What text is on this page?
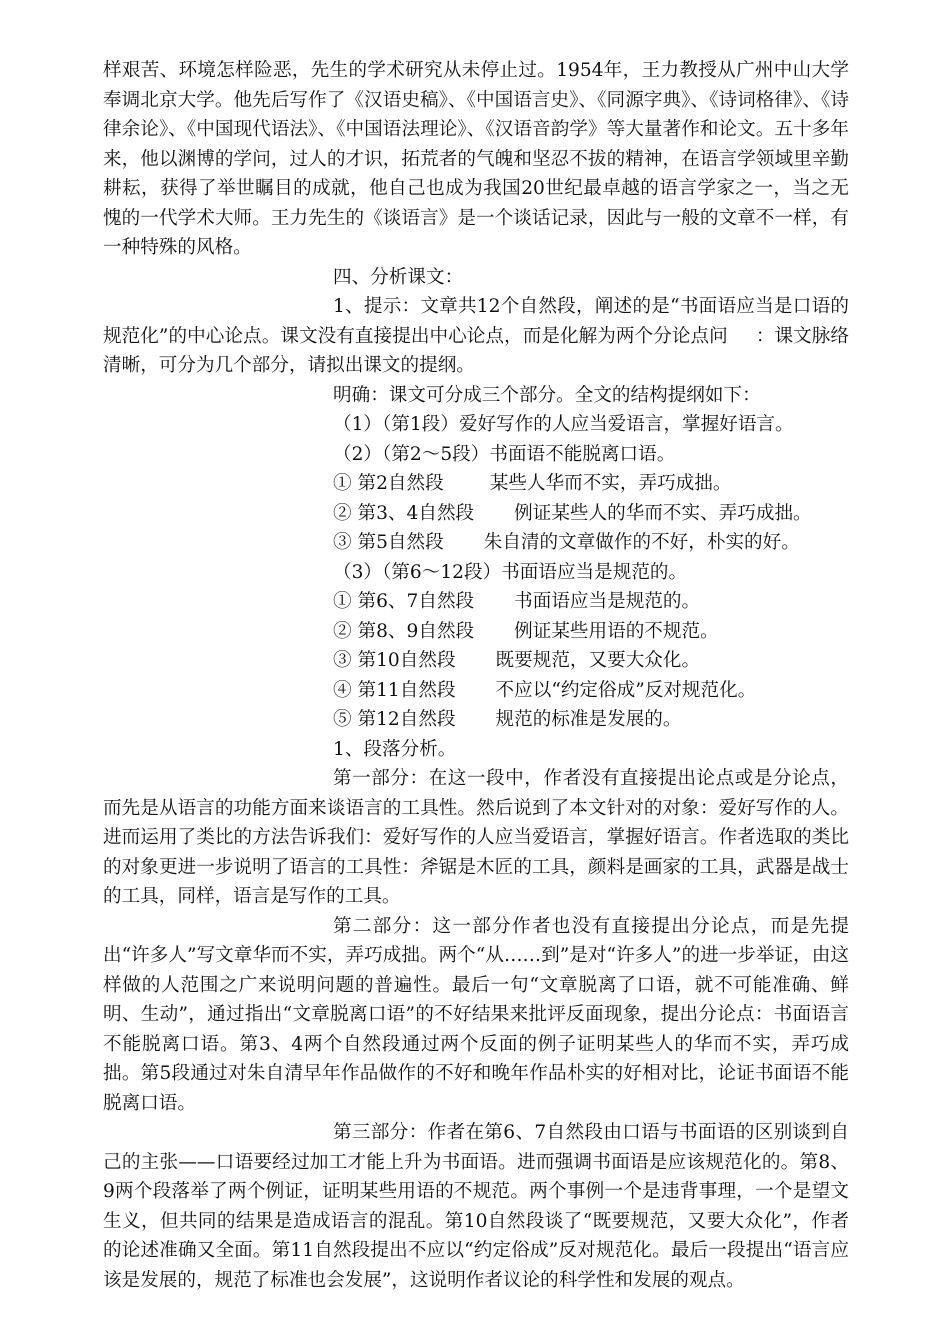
样艰苦、环境怎样险恶，先生的学术研究从未停止过。1954年，王力教授从广州中山大学奉调北京大学。他先后写作了《汉语史稿》、《中国语言史》、《同源字典》、《诗词格律》、《诗律余论》、《中国现代语法》、《中国语法理论》、《汉语音韵学》等大量著作和论文。五十多年来，他以渊博的学问，过人的才识，拓荒者的气魄和坚忍不拔的精神，在语言学领域里辛勤耕耘，获得了举世瞩目的成就，他自己也成为我国20世纪最卓越的语言学家之一，当之无愧的一代学术大师。王力先生的《谈语言》是一个谈话记录，因此与一般的文章不一样，有一种特殊的风格。

四、分析课文：

1、提示：文章共12个自然段，阐述的是“书面语应当是口语的规范化”的中心论点。课文没有直接提出中心论点，而是化解为两个分论点问 ：课文脉络清晰，可分为几个部分，请拟出课文的提纲。

明确：课文可分成三个部分。全文的结构提纲如下：

（1）（第1段）爱好写作的人应当爱语言，掌握好语言。

（2）（第2～5段）书面语不能脱离口语。

① 第2自然段 某些人华而不实，弄巧成拙。

② 第3、4自然段 例证某些人的华而不实、弄巧成拙。

③ 第5自然段 朱自清的文章做作的不好，朴实的好。

（3）（第6～12段）书面语应当是规范的。

① 第6、7自然段 书面语应当是规范的。

② 第8、9自然段 例证某些用语的不规范。

③ 第10自然段 既要规范，又要大众化。

④ 第11自然段 不应以“约定俗成”反对规范化。

⑤ 第12自然段 规范的标准是发展的。

1、段落分析。

第一部分：在这一段中，作者没有直接提出论点或是分论点，而先是从语言的功能方面来谈语言的工具性。然后说到了本文针对的对象：爱好写作的人。进而运用了类比的方法告诉我们：爱好写作的人应当爱语言，掌握好语言。作者选取的类比的对象更进一步说明了语言的工具性：斧锯是木匠的工具，颜料是画家的工具，武器是战士的工具，同样，语言是写作的工具。

第二部分：这一部分作者也没有直接提出分论点，而是先提出“许多人”写文章华而不实，弄巧成拙。两个“从……到”是对“许多人”的进一步举证，由这样做的人范围之广来说明问题的普遍性。最后一句“文章脱离了口语，就不可能准确、鲜明、生动”，通过指出“文章脱离口语”的不好结果来批评反面现象，提出分论点：书面语言不能脱离口语。第3、4两个自然段通过两个反面的例子证明某些人的华而不实，弄巧成拙。第5段通过对朱自清早年作品做作的不好和晚年作品朴实的好相对比，论证书面语不能脱离口语。

第三部分：作者在第6、7自然段由口语与书面语的区别谈到自己的主张——口语要经过加工才能上升为书面语。进而强调书面语是应该规范化的。第8、9两个段落举了两个例证，证明某些用语的不规范。两个事例一个是违背事理，一个是望文生义，但共同的结果是造成语言的混乱。第10自然段谈了“既要规范，又要大众化”，作者的论述准确又全面。第11自然段提出不应以“约定俗成”反对规范化。最后一段提出“语言应该是发展的，规范了标准也会发展”，这说明作者议论的科学性和发展的观点。
